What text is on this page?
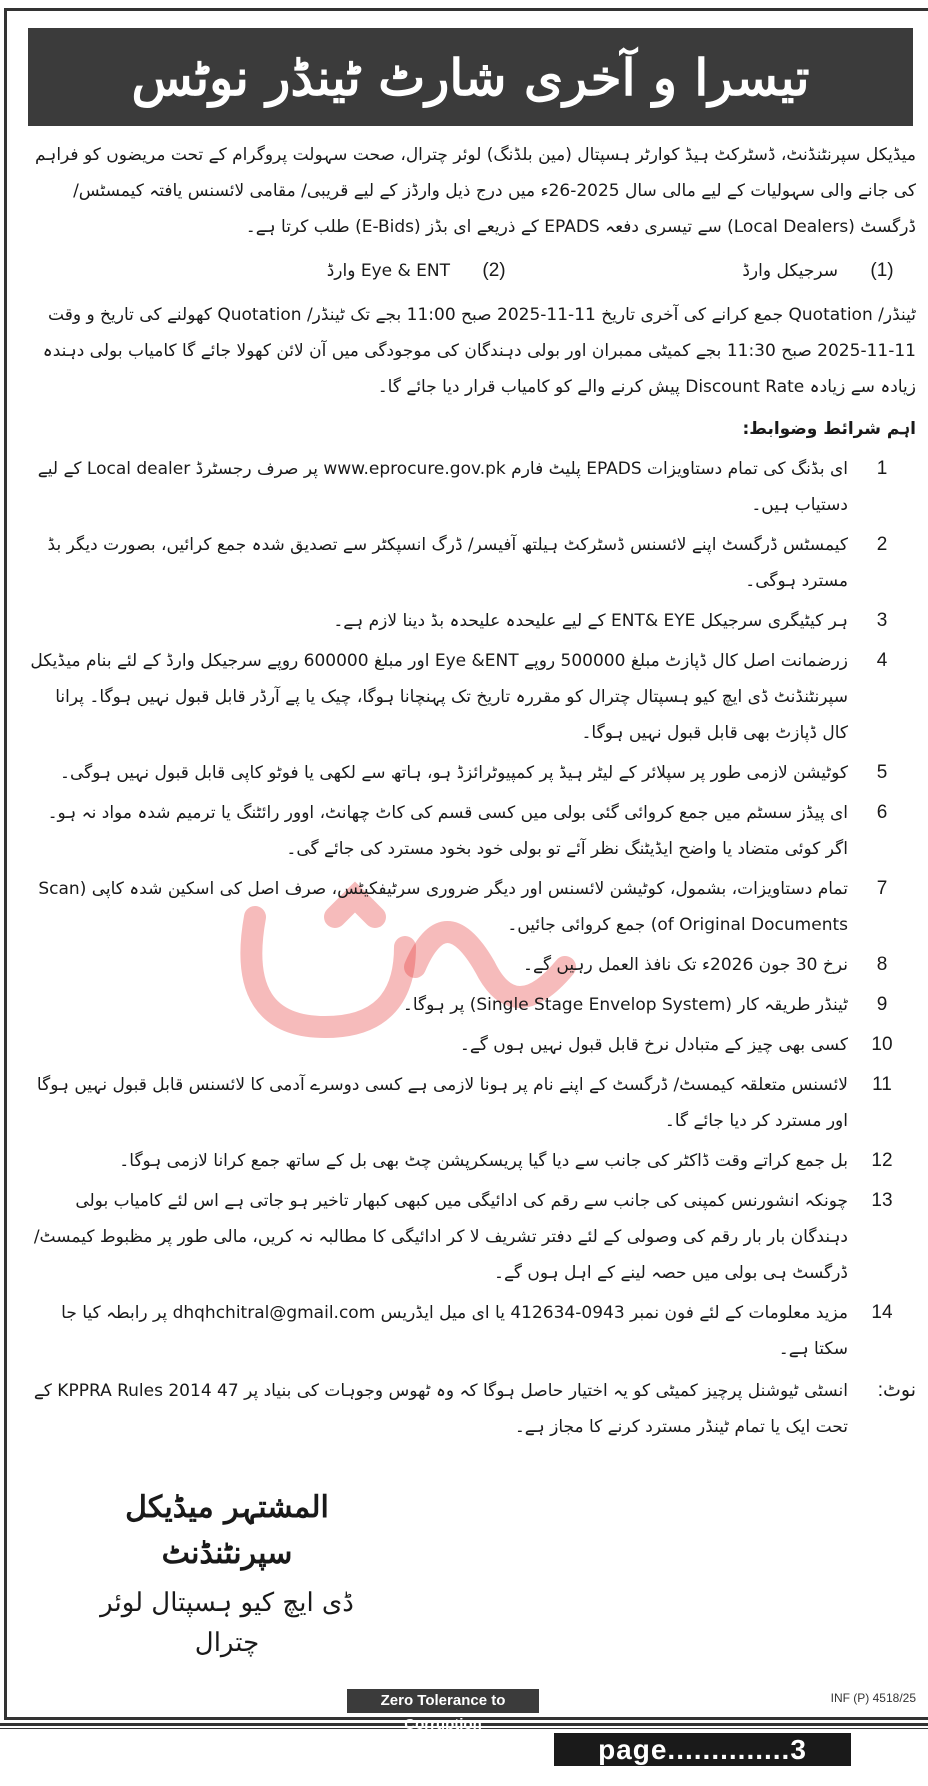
تیسرا و آخری شارٹ ٹینڈر نوٹس

میڈیکل سپرنٹنڈنٹ، ڈسٹرکٹ ہیڈ کوارٹر ہسپتال (مین بلڈنگ) لوئر چترال، صحت سہولت پروگرام کے تحت مریضوں کو فراہم کی جانے والی سہولیات کے لیے مالی سال 2025-26ء میں درج ذیل وارڈز کے لیے قریبی/ مقامی لائسنس یافتہ کیمسٹس/ ڈرگسٹ (Local Dealers) سے تیسری دفعہ EPADS کے ذریعے ای بڈز (E-Bids) طلب کرتا ہے۔

(1)
سرجیکل وارڈ
(2)
Eye & ENT وارڈ

ٹینڈر/ Quotation جمع کرانے کی آخری تاریخ 11-11-2025 صبح 11:00 بجے تک ٹینڈر/ Quotation کھولنے کی تاریخ و وقت 11-11-2025 صبح 11:30 بجے کمیٹی ممبران اور بولی دہندگان کی موجودگی میں آن لائن کھولا جائے گا کامیاب بولی دہندہ زیادہ سے زیادہ Discount Rate پیش کرنے والے کو کامیاب قرار دیا جائے گا۔

اہم شرائط وضوابط:

1
ای بڈنگ کی تمام دستاویزات EPADS پلیٹ فارم www.eprocure.gov.pk پر صرف رجسٹرڈ Local dealer کے لیے دستیاب ہیں۔
2
کیمسٹس ڈرگسٹ اپنے لائسنس ڈسٹرکٹ ہیلتھ آفیسر/ ڈرگ انسپکٹر سے تصدیق شدہ جمع کرائیں، بصورت دیگر بڈ مسترد ہوگی۔
3
ہر کیٹیگری سرجیکل ENT& EYE کے لیے علیحدہ علیحدہ بڈ دینا لازم ہے۔
4
زرضمانت اصل کال ڈپازٹ مبلغ 500000 روپے Eye &ENT اور مبلغ 600000 روپے سرجیکل وارڈ کے لئے بنام میڈیکل سپرنٹنڈنٹ ڈی ایچ کیو ہسپتال چترال کو مقررہ تاریخ تک پہنچانا ہوگا، چیک یا پے آرڈر قابل قبول نہیں ہوگا۔ پرانا کال ڈپازٹ بھی قابل قبول نہیں ہوگا۔
5
کوٹیشن لازمی طور پر سپلائر کے لیٹر ہیڈ پر کمپیوٹرائزڈ ہو، ہاتھ سے لکھی یا فوٹو کاپی قابل قبول نہیں ہوگی۔
6
ای پیڈز سسٹم میں جمع کروائی گئی بولی میں کسی قسم کی کاٹ چھانٹ، اوور رائٹنگ یا ترمیم شدہ مواد نہ ہو۔ اگر کوئی متضاد یا واضح ایڈیٹنگ نظر آئے تو بولی خود بخود مسترد کی جائے گی۔
7
تمام دستاویزات، بشمول، کوٹیشن لائسنس اور دیگر ضروری سرٹیفکیٹس، صرف اصل کی اسکین شدہ کاپی (Scan of Original Documents) جمع کروائی جائیں۔
8
نرخ 30 جون 2026ء تک نافذ العمل رہیں گے۔
9
ٹینڈر طریقہ کار (Single Stage Envelop System) پر ہوگا۔
10
کسی بھی چیز کے متبادل نرخ قابل قبول نہیں ہوں گے۔
11
لائسنس متعلقہ کیمسٹ/ ڈرگسٹ کے اپنے نام پر ہونا لازمی ہے کسی دوسرے آدمی کا لائسنس قابل قبول نہیں ہوگا اور مسترد کر دیا جائے گا۔
12
بل جمع کراتے وقت ڈاکٹر کی جانب سے دیا گیا پریسکرپشن چٹ بھی بل کے ساتھ جمع کرانا لازمی ہوگا۔
13
چونکہ انشورنس کمپنی کی جانب سے رقم کی ادائیگی میں کبھی کبھار تاخیر ہو جاتی ہے اس لئے کامیاب بولی دہندگان بار بار رقم کی وصولی کے لئے دفتر تشریف لا کر ادائیگی کا مطالبہ نہ کریں، مالی طور پر مظبوط کیمسٹ/ ڈرگسٹ ہی بولی میں حصہ لینے کے اہل ہوں گے۔
14
مزید معلومات کے لئے فون نمبر 0943-412634 یا ای میل ایڈریس dhqhchitral@gmail.com پر رابطہ کیا جا سکتا ہے۔
نوٹ:
انسٹی ٹیوشنل پرچیز کمیٹی کو یہ اختیار حاصل ہوگا کہ وہ ٹھوس وجوہات کی بنیاد پر 47 KPPRA Rules 2014 کے تحت ایک یا تمام ٹینڈر مسترد کرنے کا مجاز ہے۔
المشتہر میڈیکل سپرنٹنڈنٹ
ڈی ایچ کیو ہسپتال لوئر چترال
Zero Tolerance to Corruption
INF (P) 4518/25
page..............3
